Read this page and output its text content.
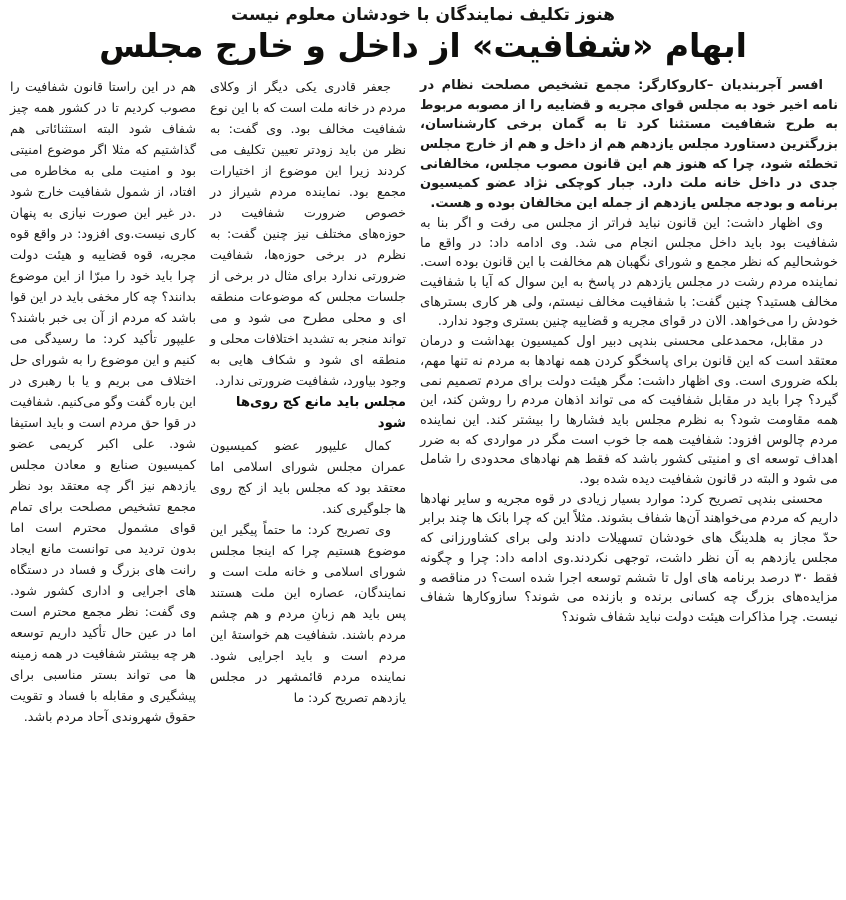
هنوز تکلیف نمایندگان با خودشان معلوم نیست
ابهام «شفافیت» از داخل و خارج مجلس

افسر آجربندیان –کاروکارگر: مجمع تشخیص مصلحت نظام در نامه اخیر خود به مجلس قوای مجریه و قضاییه را از مصوبه مربوط به طرح شفافیت مستثنا کرد تا به گمان برخی کارشناسان، بزرگترین دستاورد مجلس یازدهم هم از داخل و هم از خارج مجلس تخطئه شود، چرا که هنوز هم این قانون مصوب مجلس، مخالفانی جدی در داخل خانه ملت دارد. جبار کوچکی نژاد عضو کمیسیون برنامه و بودجه مجلس یازدهم از جمله این مخالفان بوده و هست.

وی اظهار داشت: این قانون نباید فراتر از مجلس می رفت و اگر بنا به شفافیت بود باید داخل مجلس انجام می شد. وی ادامه داد: در واقع ما خوشحالیم که نظر مجمع و شورای نگهبان هم مخالفت با این قانون بوده است. نماینده مردم رشت در مجلس یازدهم در پاسخ به این سوال که آیا با شفافیت مخالف هستید؟ چنین گفت: با شفافیت مخالف نیستم، ولی هر کاری بسترهای خودش را می‌خواهد. الان در قوای مجریه و قضاییه چنین بستری وجود ندارد.

در مقابل، محمدعلی محسنی بندپی دبیر اول کمیسیون بهداشت و درمان معتقد است که این قانون برای پاسخگو کردن همه نهادها به مردم نه تنها مهم، بلکه ضروری است. وی اظهار داشت: مگر هیئت دولت برای مردم تصمیم نمی گیرد؟ چرا باید در مقابل شفافیت که می تواند اذهان مردم را روشن کند، این همه مقاومت شود؟ به نظرم مجلس باید فشارها را بیشتر کند. این نماینده مردم چالوس افزود: شفافیت همه جا خوب است مگر در مواردی که به ضرر اهداف توسعه ای و امنیتی کشور باشد که فقط هم نهادهای محدودی را شامل می شود و البته در قانون شفافیت دیده شده بود.

محسنی بندپی تصریح کرد: موارد بسیار زیادی در قوه مجریه و سایر نهادها داریم که مردم می‌خواهند آن‌ها شفاف بشوند. مثلاً این که چرا بانک ها چند برابر حدّ مجاز به هلدینگ های خودشان تسهیلات دادند ولی برای کشاورزانی که مجلس یازدهم به آن نظر داشت، توجهی نکردند.وی ادامه داد: چرا و چگونه فقط ۳۰ درصد برنامه های اول تا ششم توسعه اجرا شده است؟ در مناقصه و مزایده‌های بزرگ چه کسانی برنده و بازنده می شوند؟ سازوکارها شفاف نیست. چرا مذاکرات هیئت دولت نباید شفاف شوند؟

جعفر قادری یکی دیگر از وکلای مردم در خانه ملت است که با این نوع شفافیت مخالف بود. وی گفت: به نظر من باید زودتر تعیین تکلیف می کردند زیرا این موضوع از اختیارات مجمع بود. نماینده مردم شیراز در خصوص ضرورت شفافیت در حوزه‌های مختلف نیز چنین گفت: به نظرم در برخی حوزه‌ها، شفافیت ضرورتی ندارد برای مثال در برخی از جلسات مجلس که موضوعات منطقه ای و محلی مطرح می شود و می تواند منجر به تشدید اختلافات محلی و منطقه ای شود و شکاف هایی به وجود بیاورد، شفافیت ضرورتی ندارد.

مجلس باید مانع کج روی‌ها شود

کمال علیپور عضو کمیسیون عمران مجلس شورای اسلامی اما معتقد بود که مجلس باید از کج روی ها جلوگیری کند.

وی تصریح کرد: ما حتماً پیگیر این موضوع هستیم چرا که اینجا مجلس شورای اسلامی و خانه ملت است و نمایندگان، عصاره این ملت هستند پس باید هم زبانِ مردم و هم چشم مردم باشند. شفافیت هم خواستهٔ این مردم است و باید اجرایی شود. نماینده مردم قائمشهر در مجلس یازدهم تصریح کرد: ما

هم در این راستا قانون شفافیت را مصوب کردیم تا در کشور همه چیز شفاف شود البته استثنائاتی هم گذاشتیم که مثلا اگر موضوع امنیتی بود و امنیت ملی به مخاطره می افتاد، از شمول شفافیت خارج شود .در غیر این صورت نیازی به پنهان کاری نیست.وی افزود: در واقع قوه مجریه، قوه قضاییه و هیئت دولت چرا باید خود را مبرّا از این موضوع بدانند؟ چه کار مخفی باید در این قوا باشد که مردم از آن بی خبر باشند؟ علیپور تأکید کرد: ما رسیدگی می کنیم و این موضوع را به شورای حل اختلاف می بریم و یا با رهبری در این باره گفت وگو می‌کنیم. شفافیت در قوا حق مردم است و باید استیفا شود. علی اکبر کریمی عضو کمیسیون صنایع و معادن مجلس یازدهم نیز اگر چه معتقد بود نظر مجمع تشخیص مصلحت برای تمام قوای مشمول محترم است اما بدون تردید می توانست مانع ایجاد رانت های بزرگ و فساد در دستگاه های اجرایی و اداری کشور شود. وی گفت: نظر مجمع محترم است اما در عین حال تأکید داریم توسعه هر چه بیشتر شفافیت در همه زمینه ها می تواند بستر مناسبی برای پیشگیری و مقابله با فساد و تقویت حقوق شهروندی آحاد مردم باشد.
